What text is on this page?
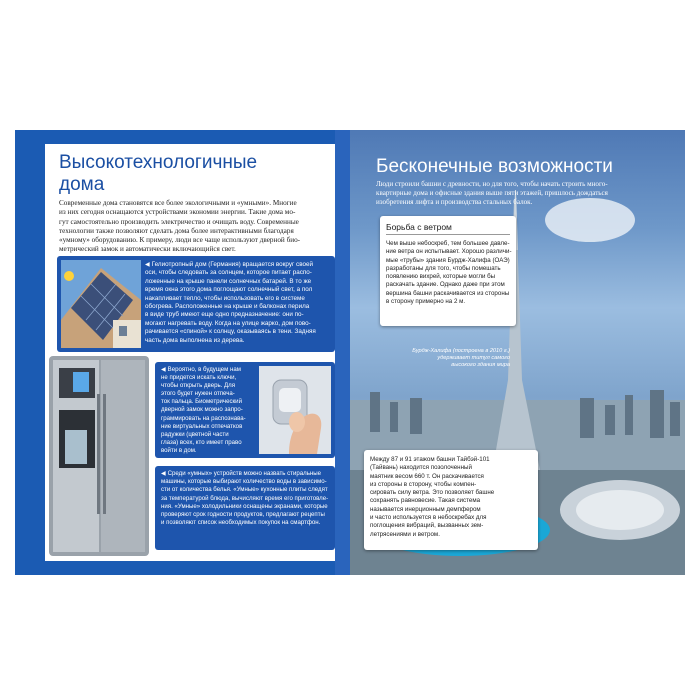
Высокотехнологичные
дома
Современные дома становятся все более экологичными и «умными». Многие
из них сегодня оснащаются устройствами экономии энергии. Такие дома мо-
гут самостоятельно производить электричество и очищать воду. Современные
технологии также позволяют сделать дома более интерактивными благодаря
«умному» оборудованию. К примеру, люди все чаще используют дверной био-
метрический замок и автоматически включающийся свет.
◀ Гелиотропный дом (Германия) вращается вокруг своей
оси, чтобы следовать за солнцем, которое питает распо-
ложенные на крыше панели солнечных батарей. В то же
время окна этого дома поглощают солнечный свет, а пол
накапливает тепло, чтобы использовать его в системе
обогрева. Расположенные на крыше и балконах перила
в виде труб имеют еще одно предназначение: они по-
могают нагревать воду. Когда на улице жарко, дом пово-
рачивается «спиной» к солнцу, оказываясь в тени. Задняя
часть дома выполнена из дерева.
◀ Вероятно, в будущем нам
не придется искать ключи,
чтобы открыть дверь. Для
этого будет нужен отпеча-
ток пальца. Биометрический
дверной замок можно запро-
граммировать на распознава-
ние виртуальных отпечатков
радужки (цветной части
глаза) всех, кто имеет право
войти в дом.
◀ Среди «умных» устройств можно назвать стиральные
машины, которые выбирают количество воды в зависимо-
сти от количества белья. «Умные» кухонные плиты следят
за температурой блюда, вычисляют время его приготовле-
ния. «Умные» холодильники оснащены экранами, которые
проверяют срок годности продуктов, предлагают рецепты
и позволяют список необходимых покупок на смартфон.
Бесконечные возможности
Люди строили башни с древности, но для того, чтобы начать строить много-
квартирные дома и офисные здания выше пяти этажей, пришлось дождаться
изобретения лифта и производства стальных балок.
Борьба с ветром
Чем выше небоскреб, тем большее давле-
ние ветра он испытывает. Хорошо различи-
мые «трубы» здания Бурдж-Халифа (ОАЭ)
разработаны для того, чтобы помешать
появлению вихрей, которые могли бы
раскачать здание. Однако даже при этом
вершина башни раскачивается из стороны
в сторону примерно на 2 м.
Бурдж-Халифа (построена в 2010 г.)
удерживает титул самого
высокого здания мира
Между 87 и 91 этажом башни Тайбэй-101
(Тайвань) находится позолоченный
маятник весом 660 т. Он раскачивается
из стороны в сторону, чтобы компен-
сировать силу ветра. Это позволяет башне
сохранять равновесие. Такая система
называется инерционным демпфером
и часто используется в небоскребах для
поглощения вибраций, вызванных зем-
летрясениями и ветром.
